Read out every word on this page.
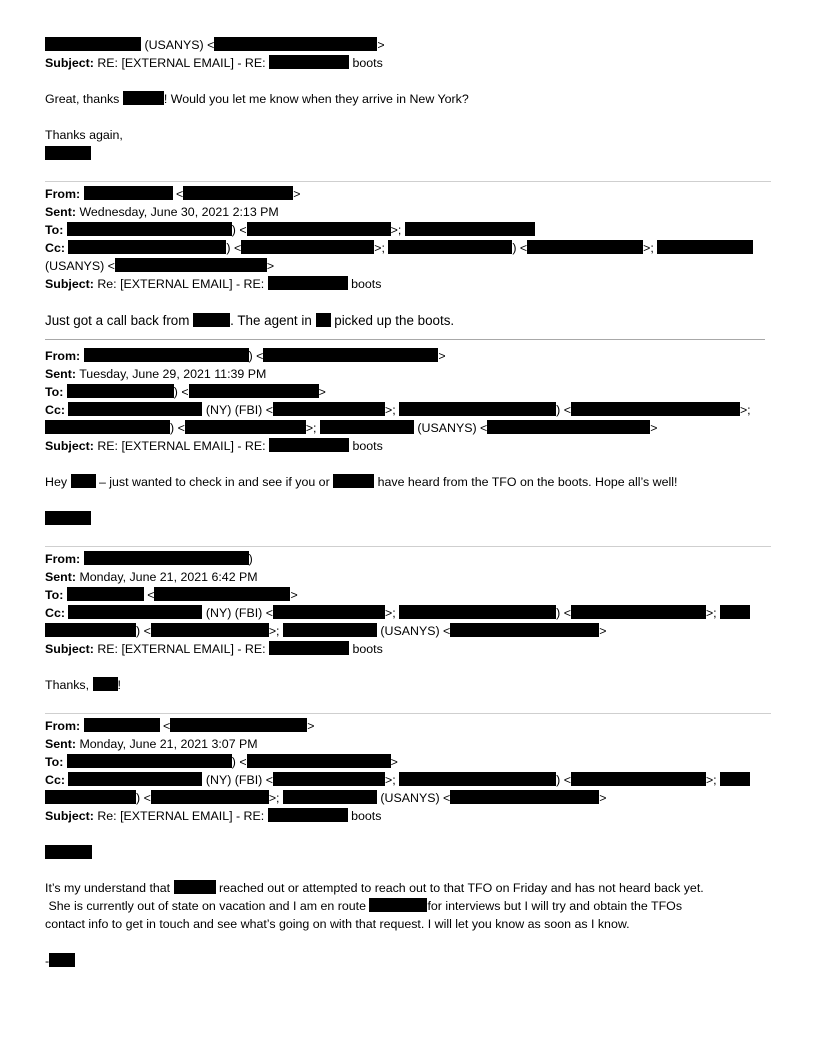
(USANYS) <	>
Subject: RE: [EXTERNAL EMAIL] - RE:	boots
Great, thanks	! Would you let me know when they arrive in New York?
Thanks again,
From:	<	>
Sent: Wednesday, June 30, 2021 2:13 PM
To:	) <	>;
Cc:	) <	>;	) <	>;
(USANYS) <	>
Subject: Re: [EXTERNAL EMAIL] - RE:	boots
Just got a call back from	. The agent in picked up the boots.
From:	) <	>
Sent: Tuesday, June 29, 2021 11:39 PM
To:	) <	>
Cc:	(NY) (FBI) <	>;	) <	>;
) <	>;	(USANYS) <	>
Subject: RE: [EXTERNAL EMAIL] - RE:	boots
Hey	– just wanted to check in and see if you or	have heard from the TFO on the boots. Hope all’s well!
From:	)
Sent: Monday, June 21, 2021 6:42 PM
To:	<	>
Cc:	(NY) (FBI) <	>;	) <	>;
) <	>;	(USANYS) <	>
Subject: RE: [EXTERNAL EMAIL] - RE:	boots
Thanks, !
From:	<	>
Sent: Monday, June 21, 2021 3:07 PM
To:	) <	>
Cc:	(NY) (FBI) <	>;	) <	>;
) <	>;	(USANYS) <	>
Subject: Re: [EXTERNAL EMAIL] - RE:	boots
It’s my understand that	reached out or attempted to reach out to that TFO on Friday and has not heard back yet.
She is currently out of state on vacation and I am en route	for interviews but I will try and obtain the TFOs
contact info to get in touch and see what’s going on with that request. I will let you know as soon as I know.
-
